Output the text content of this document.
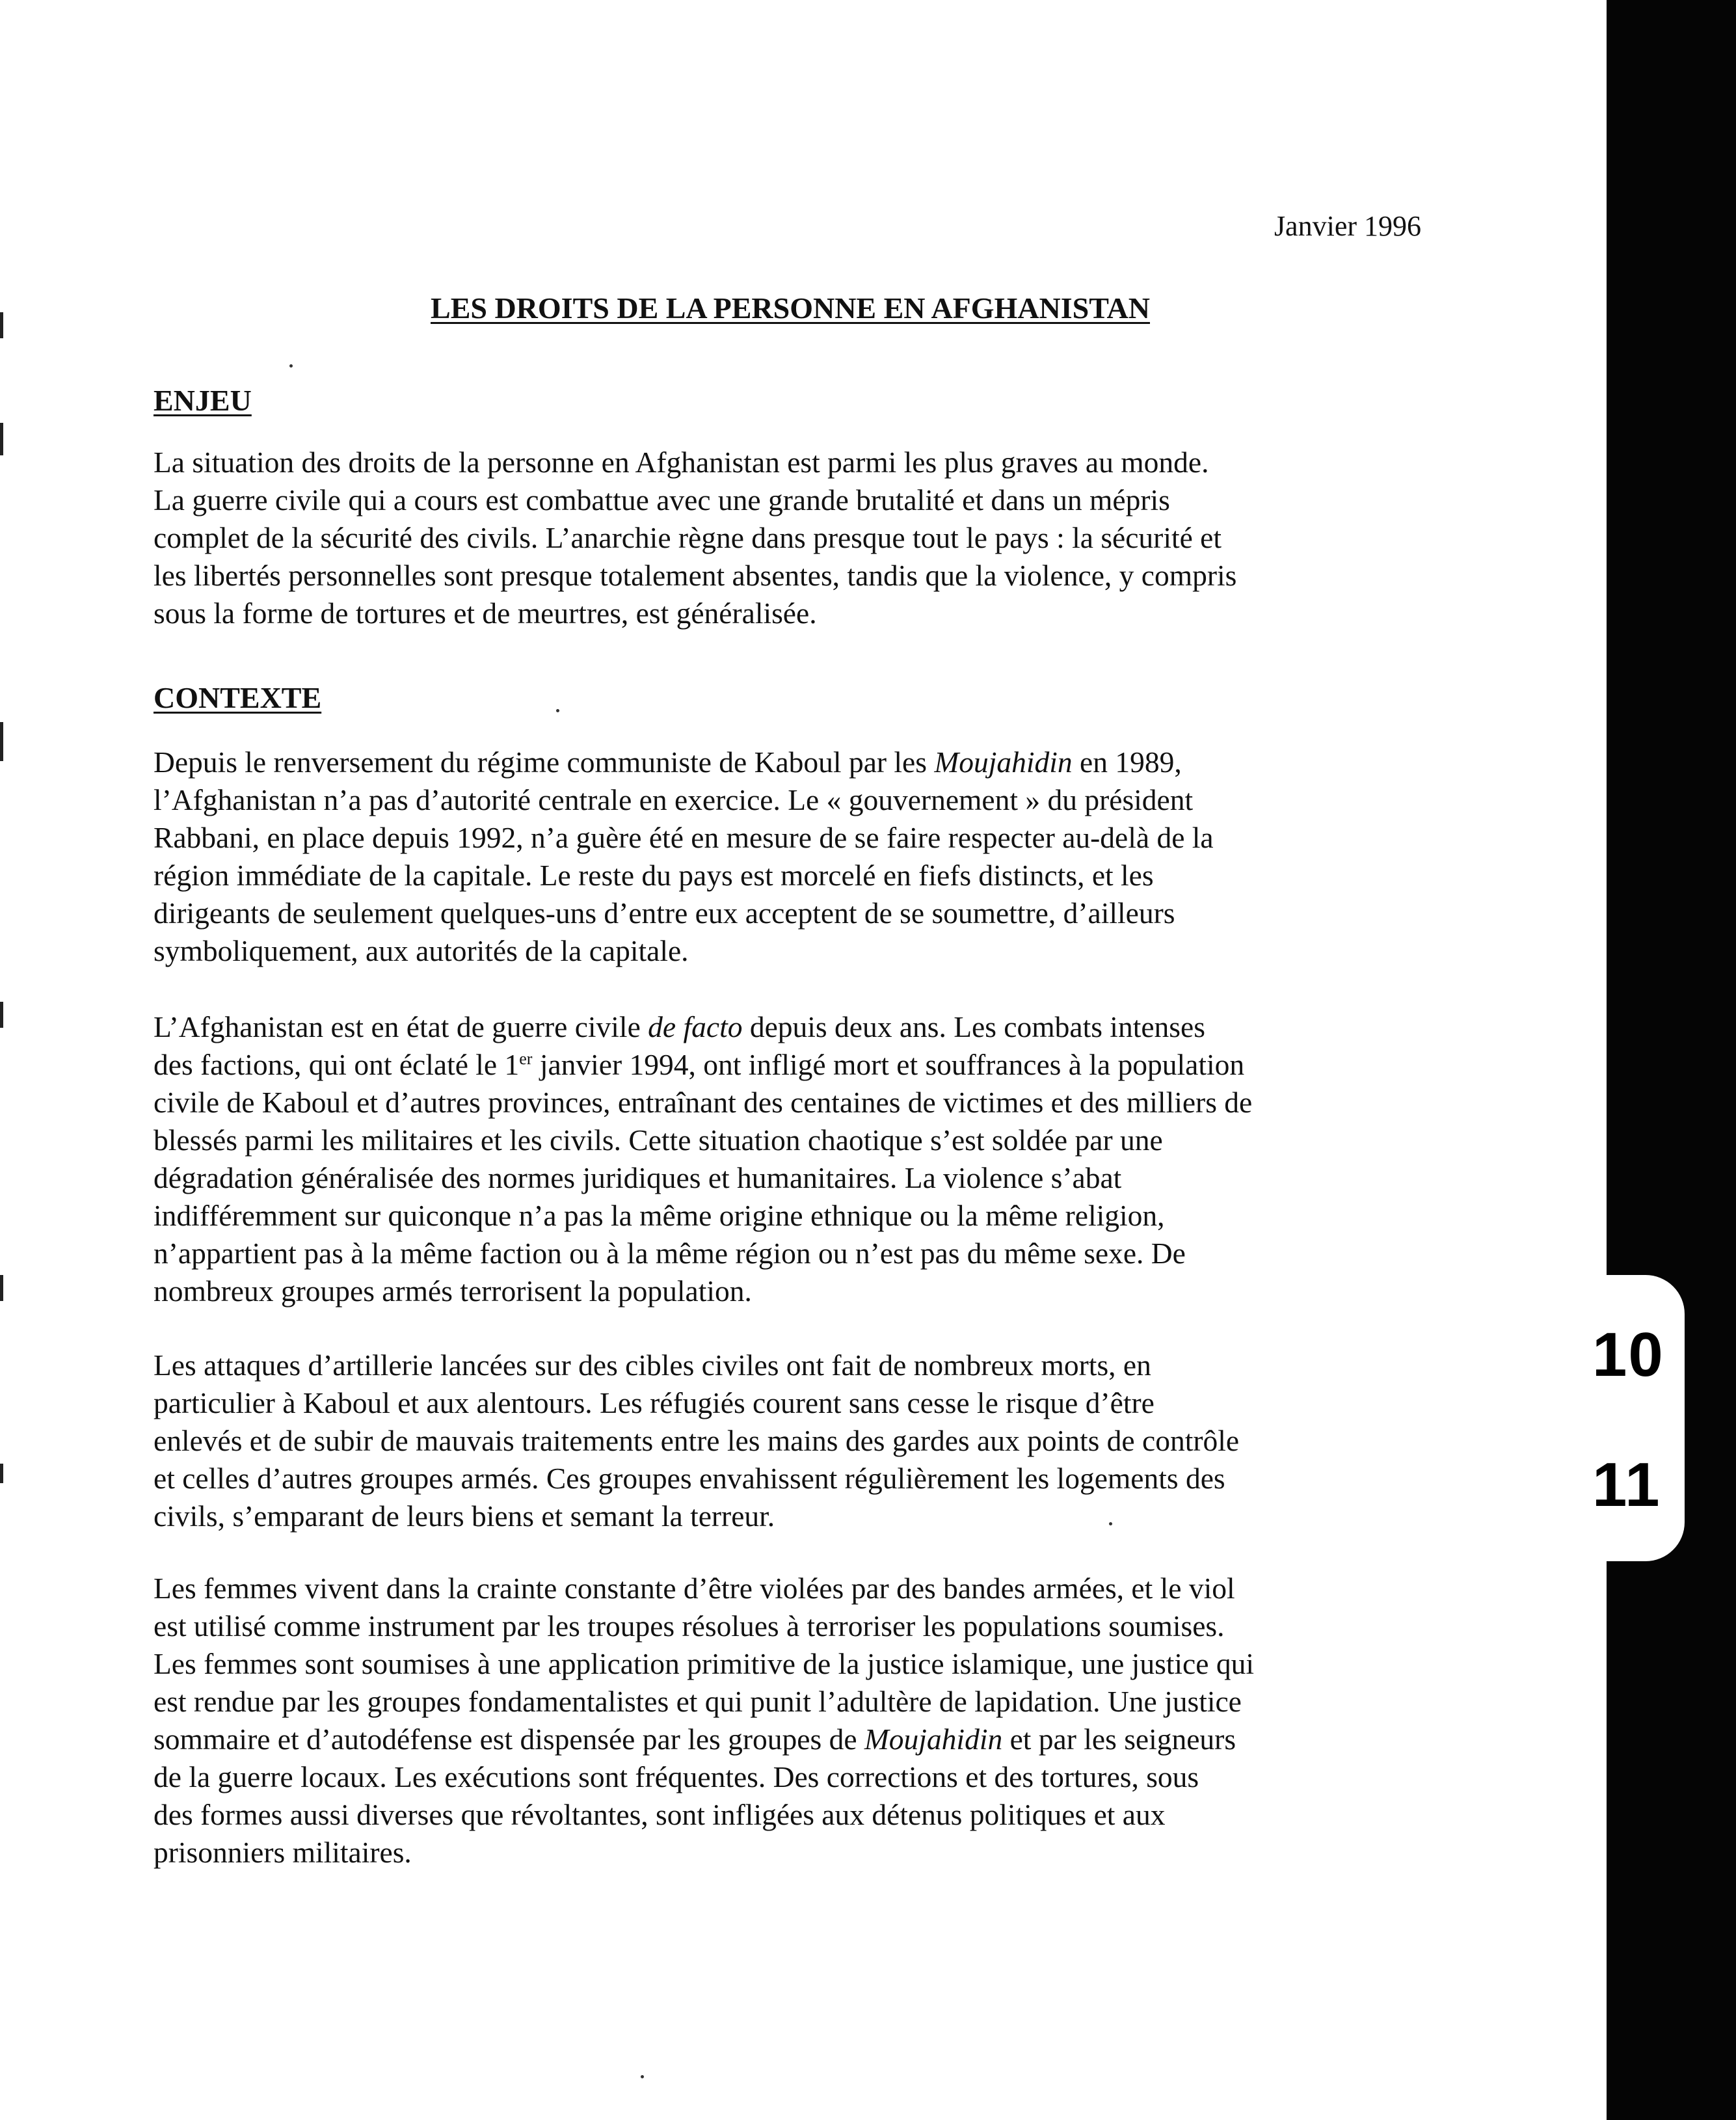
10
11
Janvier 1996
LES DROITS DE LA PERSONNE EN AFGHANISTAN
ENJEU
La situation des droits de la personne en Afghanistan est parmi les plus graves au monde.
La guerre civile qui a cours est combattue avec une grande brutalité et dans un mépris
complet de la sécurité des civils. L’anarchie règne dans presque tout le pays : la sécurité et
les libertés personnelles sont presque totalement absentes, tandis que la violence, y compris
sous la forme de tortures et de meurtres, est généralisée.
CONTEXTE
Depuis le renversement du régime communiste de Kaboul par les Moujahidin en 1989,
l’Afghanistan n’a pas d’autorité centrale en exercice. Le « gouvernement » du président
Rabbani, en place depuis 1992, n’a guère été en mesure de se faire respecter au-delà de la
région immédiate de la capitale. Le reste du pays est morcelé en fiefs distincts, et les
dirigeants de seulement quelques-uns d’entre eux acceptent de se soumettre, d’ailleurs
symboliquement, aux autorités de la capitale.
L’Afghanistan est en état de guerre civile de facto depuis deux ans. Les combats intenses
des factions, qui ont éclaté le 1er janvier 1994, ont infligé mort et souffrances à la population
civile de Kaboul et d’autres provinces, entraînant des centaines de victimes et des milliers de
blessés parmi les militaires et les civils. Cette situation chaotique s’est soldée par une
dégradation généralisée des normes juridiques et humanitaires. La violence s’abat
indifféremment sur quiconque n’a pas la même origine ethnique ou la même religion,
n’appartient pas à la même faction ou à la même région ou n’est pas du même sexe. De
nombreux groupes armés terrorisent la population.
Les attaques d’artillerie lancées sur des cibles civiles ont fait de nombreux morts, en
particulier à Kaboul et aux alentours. Les réfugiés courent sans cesse le risque d’être
enlevés et de subir de mauvais traitements entre les mains des gardes aux points de contrôle
et celles d’autres groupes armés. Ces groupes envahissent régulièrement les logements des
civils, s’emparant de leurs biens et semant la terreur.
Les femmes vivent dans la crainte constante d’être violées par des bandes armées, et le viol
est utilisé comme instrument par les troupes résolues à terroriser les populations soumises.
Les femmes sont soumises à une application primitive de la justice islamique, une justice qui
est rendue par les groupes fondamentalistes et qui punit l’adultère de lapidation. Une justice
sommaire et d’autodéfense est dispensée par les groupes de Moujahidin et par les seigneurs
de la guerre locaux. Les exécutions sont fréquentes. Des corrections et des tortures, sous
des formes aussi diverses que révoltantes, sont infligées aux détenus politiques et aux
prisonniers militaires.
